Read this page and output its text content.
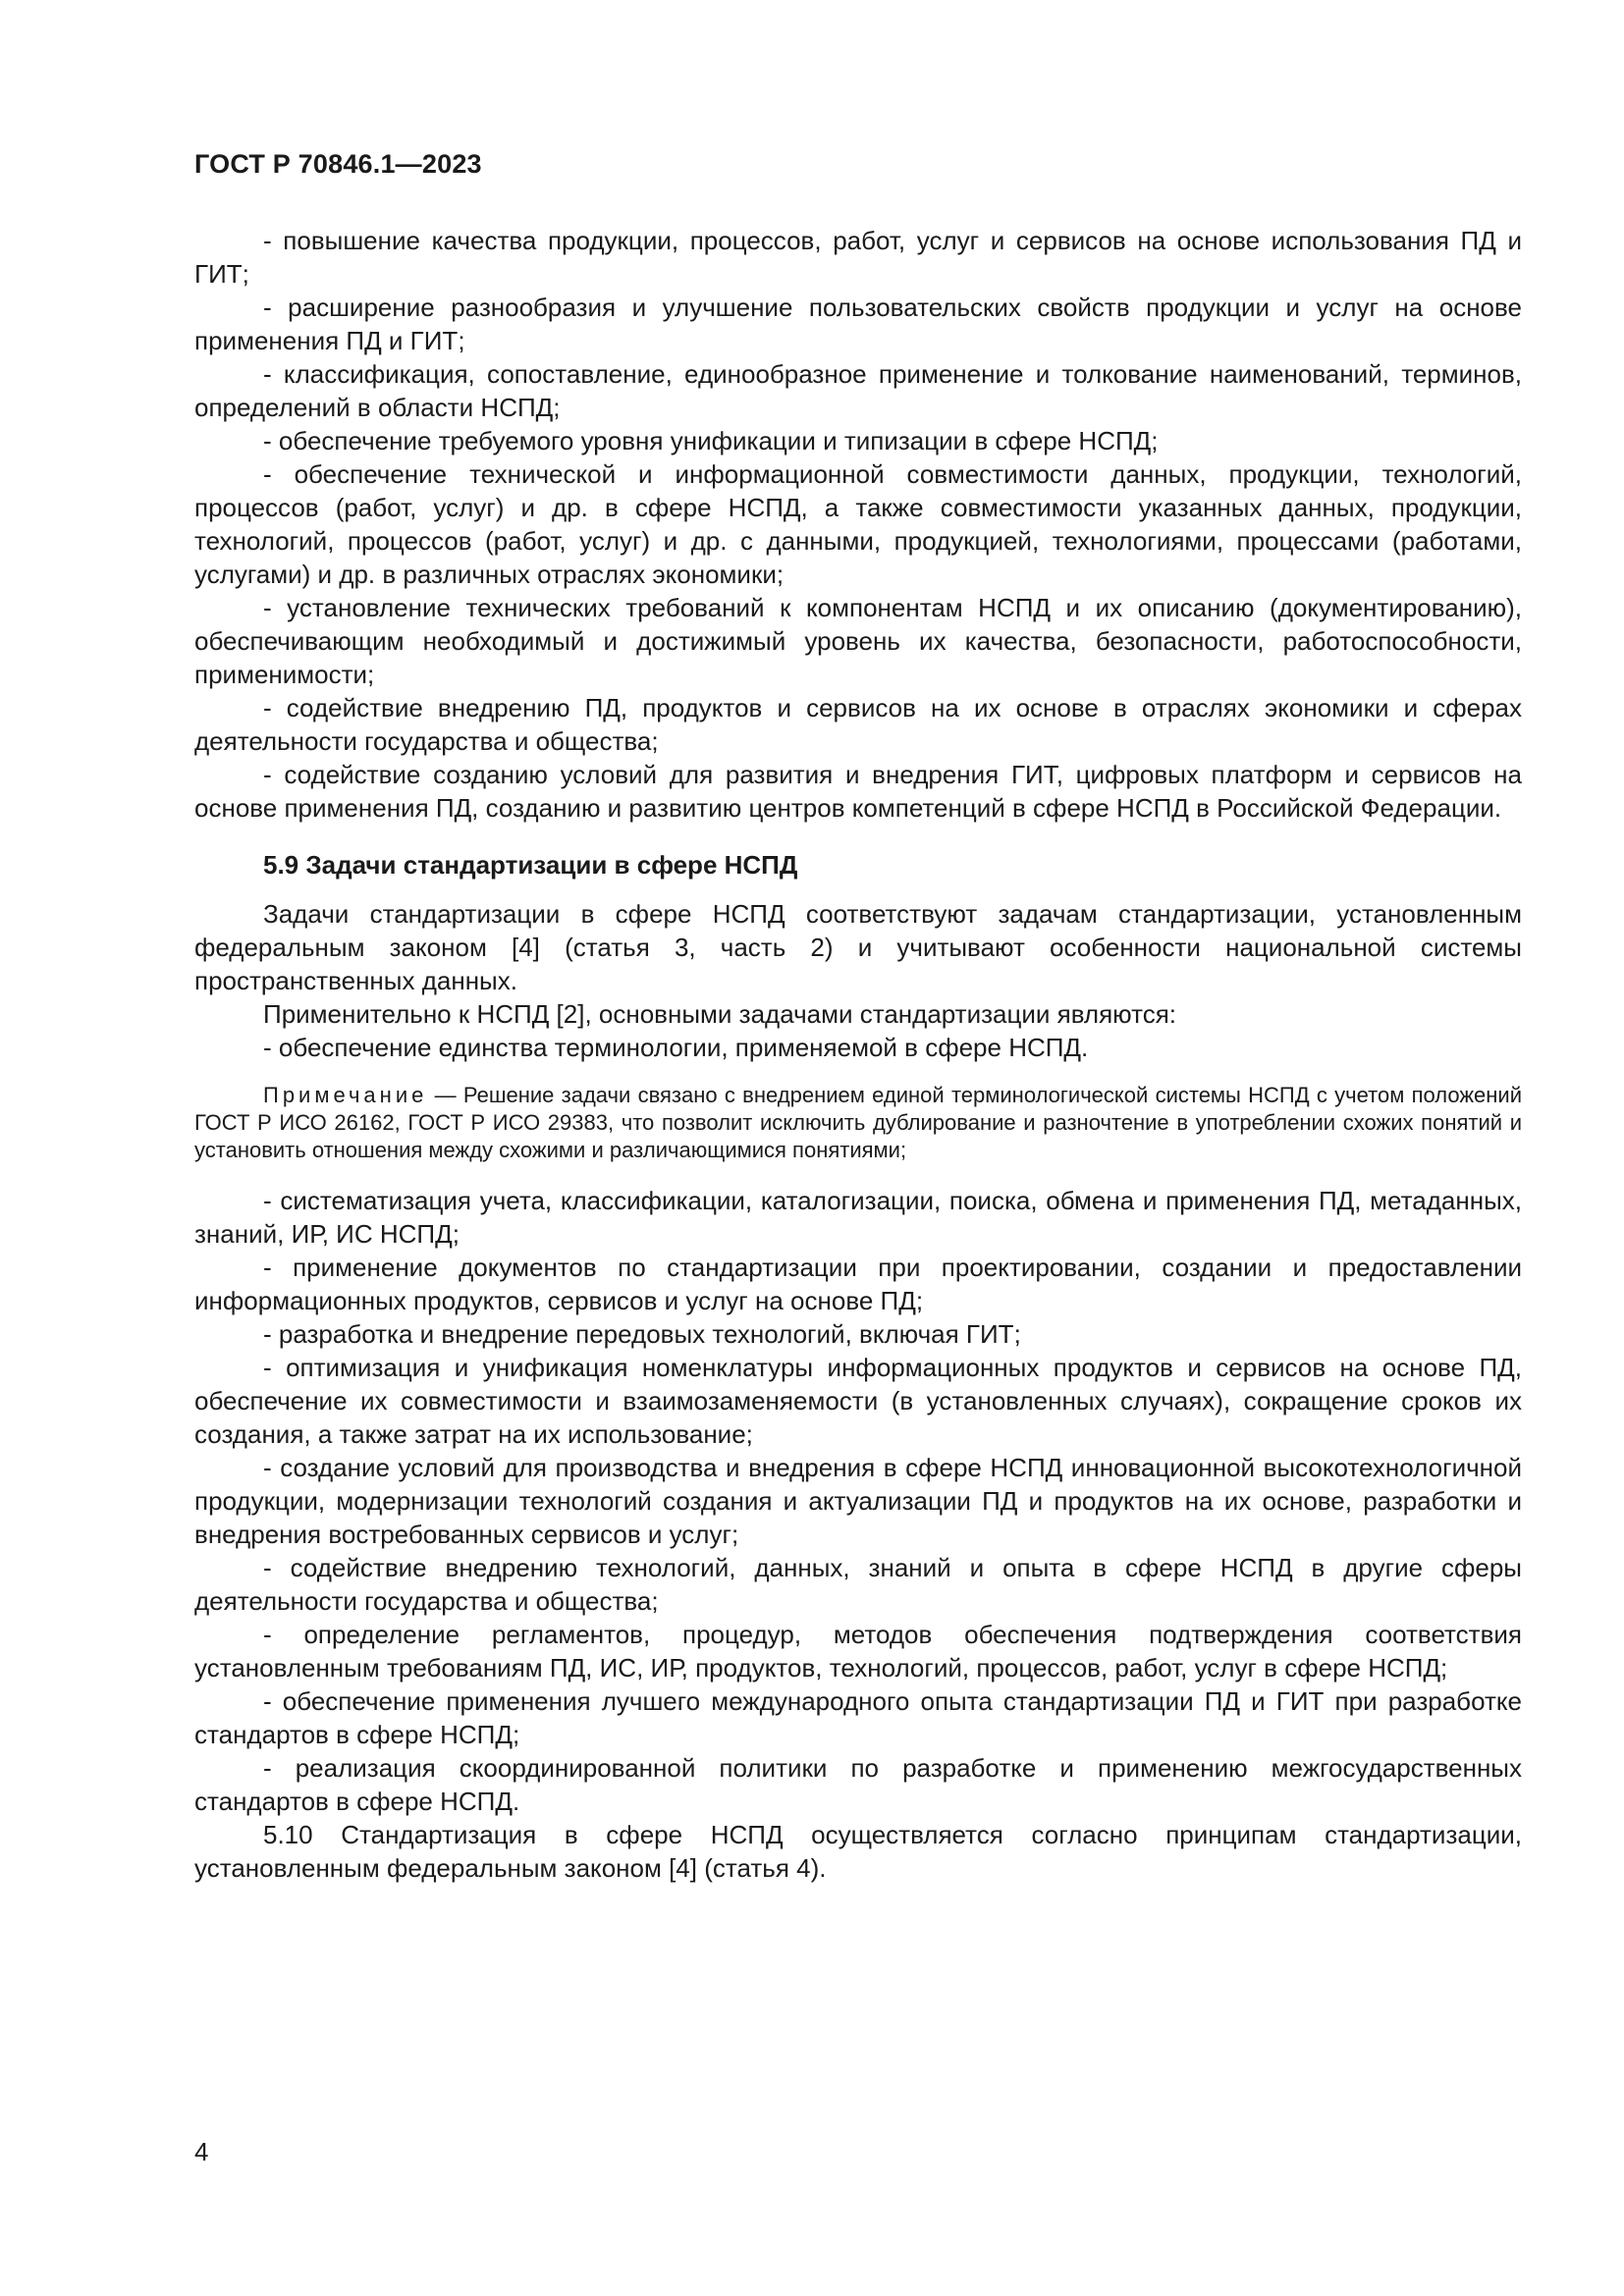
ГОСТ Р 70846.1—2023

- повышение качества продукции, процессов, работ, услуг и сервисов на основе использования ПД и ГИТ;

- расширение разнообразия и улучшение пользовательских свойств продукции и услуг на основе применения ПД и ГИТ;

- классификация, сопоставление, единообразное применение и толкование наименований, терминов, определений в области НСПД;

- обеспечение требуемого уровня унификации и типизации в сфере НСПД;

- обеспечение технической и информационной совместимости данных, продукции, технологий, процессов (работ, услуг) и др. в сфере НСПД, а также совместимости указанных данных, продукции, технологий, процессов (работ, услуг) и др. с данными, продукцией, технологиями, процессами (работами, услугами) и др. в различных отраслях экономики;

- установление технических требований к компонентам НСПД и их описанию (документированию), обеспечивающим необходимый и достижимый уровень их качества, безопасности, работоспособности, применимости;

- содействие внедрению ПД, продуктов и сервисов на их основе в отраслях экономики и сферах деятельности государства и общества;

- содействие созданию условий для развития и внедрения ГИТ, цифровых платформ и сервисов на основе применения ПД, созданию и развитию центров компетенций в сфере НСПД в Российской Федерации.

5.9 Задачи стандартизации в сфере НСПД

Задачи стандартизации в сфере НСПД соответствуют задачам стандартизации, установленным федеральным законом [4] (статья 3, часть 2) и учитывают особенности национальной системы пространственных данных.

Применительно к НСПД [2], основными задачами стандартизации являются:

- обеспечение единства терминологии, применяемой в сфере НСПД.

Примечание — Решение задачи связано с внедрением единой терминологической системы НСПД с учетом положений ГОСТ Р ИСО 26162, ГОСТ Р ИСО 29383, что позволит исключить дублирование и разночтение в употреблении схожих понятий и установить отношения между схожими и различающимися понятиями;

- систематизация учета, классификации, каталогизации, поиска, обмена и применения ПД, метаданных, знаний, ИР, ИС НСПД;

- применение документов по стандартизации при проектировании, создании и предоставлении информационных продуктов, сервисов и услуг на основе ПД;

- разработка и внедрение передовых технологий, включая ГИТ;

- оптимизация и унификация номенклатуры информационных продуктов и сервисов на основе ПД, обеспечение их совместимости и взаимозаменяемости (в установленных случаях), сокращение сроков их создания, а также затрат на их использование;

- создание условий для производства и внедрения в сфере НСПД инновационной высокотехнологичной продукции, модернизации технологий создания и актуализации ПД и продуктов на их основе, разработки и внедрения востребованных сервисов и услуг;

- содействие внедрению технологий, данных, знаний и опыта в сфере НСПД в другие сферы деятельности государства и общества;

- определение регламентов, процедур, методов обеспечения подтверждения соответствия установленным требованиям ПД, ИС, ИР, продуктов, технологий, процессов, работ, услуг в сфере НСПД;

- обеспечение применения лучшего международного опыта стандартизации ПД и ГИТ при разработке стандартов в сфере НСПД;

- реализация скоординированной политики по разработке и применению межгосударственных стандартов в сфере НСПД.

5.10 Стандартизация в сфере НСПД осуществляется согласно принципам стандартизации, установленным федеральным законом [4] (статья 4).

4
